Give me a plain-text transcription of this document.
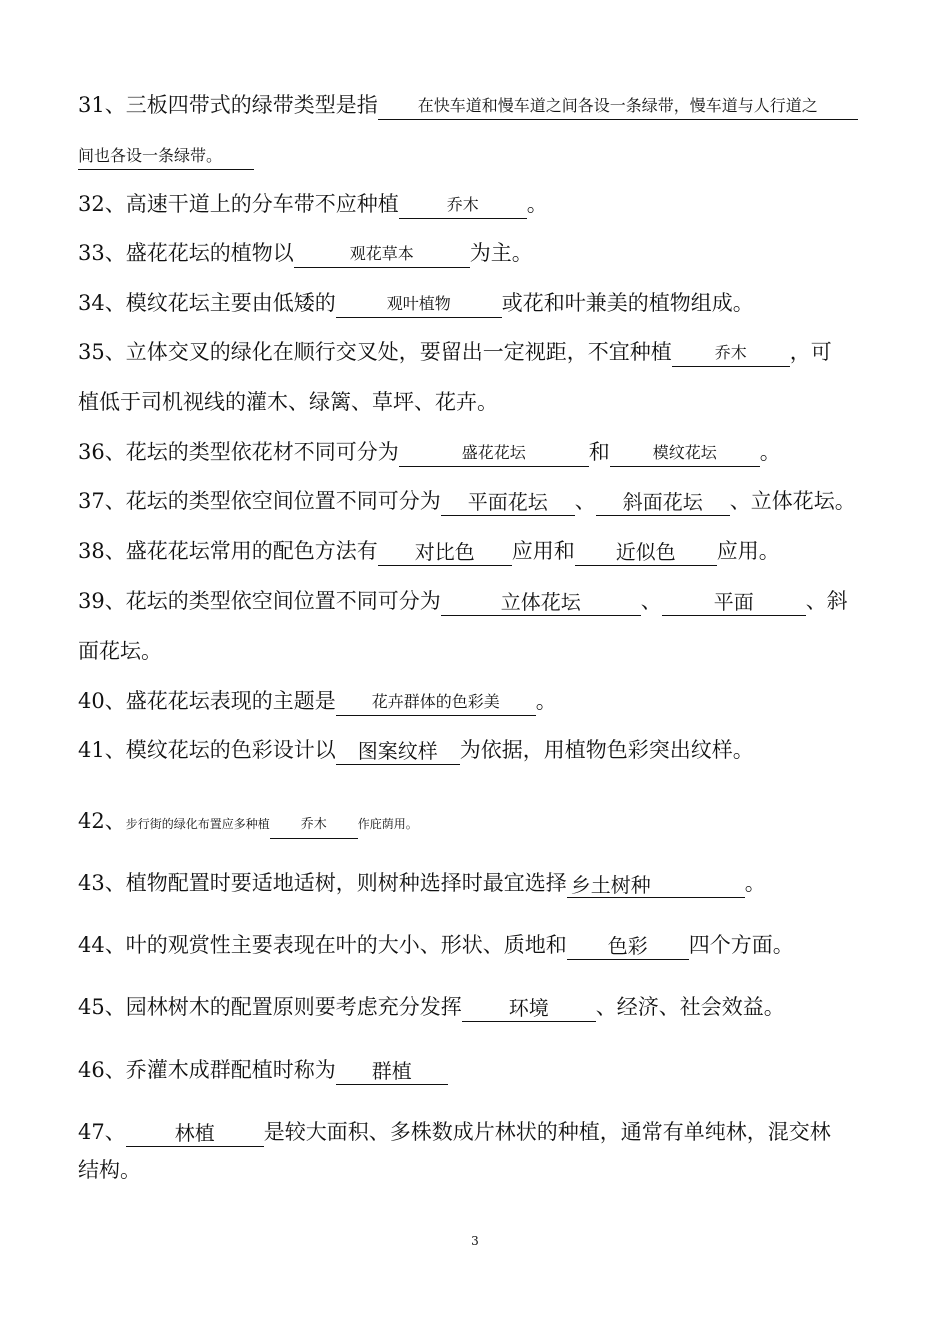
31、三板四带式的绿带类型是指 在快车道和慢车道之间各设一条绿带，慢车道与人行道之
间也各设一条绿带。
32、高速干道上的分车带不应种植	乔木 。
33、盛花花坛的植物以	观花草本	为主。
34、模纹花坛主要由低矮的	观叶植物 或花和叶兼美的植物组成。
35、立体交叉的绿化在顺行交叉处，要留出一定视距，不宜种植	乔木 ，可
植低于司机视线的灌木、绿篱、草坪、花卉。
36、花坛的类型依花材不同可分为	盛花花坛	和	模纹花坛 。
37、花坛的类型依空间位置不同可分为 平面花坛 、 斜面花坛 、立体花坛。
38、盛花花坛常用的配色方法有 对比色 应用和 近似色 应用。
39、花坛的类型依空间位置不同可分为	立体花坛	、	平面 、斜
面花坛。
40、盛花花坛表现的主题是 花卉群体的色彩美 。
41、模纹花坛的色彩设计以 图案纹样 为依据，用植物色彩突出纹样。
42、步行街的绿化布置应多种植 乔木	作庇荫用。
43、植物配置时要适地适树，则树种选择时最宜选择 乡土树种	。
44、叶的观赏性主要表现在叶的大小、形状、质地和 色彩 四个方面。
45、园林树木的配置原则要考虑充分发挥 环境 、经济、社会效益。
46、乔灌木成群配植时称为 群植
47、 林植 是较大面积、多株数成片林状的种植，通常有单纯林，混交林
结构。
3
